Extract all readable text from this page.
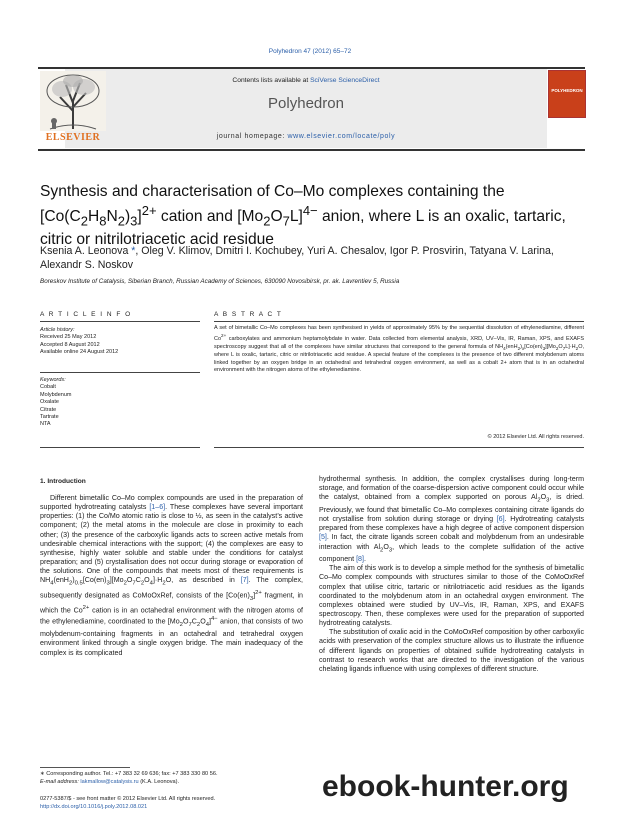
Polyhedron 47 (2012) 65–72
ELSEVIER
Contents lists available at SciVerse ScienceDirect
Polyhedron
journal homepage: www.elsevier.com/locate/poly
POLYHEDRON
Synthesis and characterisation of Co–Mo complexes containing the $[Co(C_2H_8N_2)_3]^{2+}$ cation and $[Mo_2O_7L]^{4-}$ anion, where L is an oxalic, tartaric, citric or nitrilotriacetic acid residue
Ksenia A. Leonova *, Oleg V. Klimov, Dmitri I. Kochubey, Yuri A. Chesalov, Igor P. Prosvirin, Tatyana V. Larina, Alexandr S. Noskov
Boreskov Institute of Catalysis, Siberian Branch, Russian Academy of Sciences, 630090 Novosibirsk, pr. ak. Lavrentiev 5, Russia
A R T I C L E I N F O	A B S T R A C T
Article history:
Received 25 May 2012
Accepted 8 August 2012
Available online 24 August 2012
Keywords:
Cobalt
Molybdenum
Oxalate
Citrate
Tartrate
NTA
A set of bimetallic Co–Mo complexes has been synthesised in yields of approximately 95% by the sequential dissolution of ethylenediamine, different $Co^{2+}$ carboxylates and ammonium heptamolybdate in water. Data collected from elemental analysis, XRD, UV–Vis, IR, Raman, XPS, and EXAFS spectroscopy suggest that all of the complexes have similar structures that correspond to the general formula of $NH_4(enH_2)_x[Co(en)_3][Mo_2O_7L]\cdot H_2O$, where L is oxalic, tartaric, citric or nitrilotriacetic acid residue. A special feature of the complexes is the presence of two different molybdenum atoms linked together by an oxygen bridge in an octahedral and tetrahedral oxygen environment, as well as a cobalt 2+ atom that is in an octahedral environment with the nitrogen atoms of the ethylenediamine.
© 2012 Elsevier Ltd. All rights reserved.
1. Introduction
Different bimetallic Co–Mo complex compounds are used in the preparation of supported hydrotreating catalysts [1–6]. These complexes have several important properties: (1) the Co/Mo atomic ratio is close to ½, as seen in the catalyst’s active component; (2) the metal atoms in the molecule are close in proximity to each other; (3) the presence of the carboxylic ligands acts to screen active metals from undesirable chemical interactions with the support; (4) the complexes are easy to synthesise, highly water soluble and stable under the conditions for catalyst preparation; and (5) crystallisation does not occur during storage or evaporation of the solutions. One of the compounds that meets most of these requirements is $NH_4(enH_2)_{0.5}[Co(en)_3][Mo_2O_7C_2O_4]\cdot H_2O$, as described in [7]. The complex, subsequently designated as CoMoOxRef, consists of the $[Co(en)_3]^{2+}$ fragment, in which the $Co^{2+}$ cation is in an octahedral environment with the nitrogen atoms of the ethylenediamine, coordinated to the $[Mo_2O_7C_2O_4]^{4-}$ anion, that consists of two molybdenum-containing fragments in an octahedral and tetrahedral oxygen environment linked through a single oxygen bridge. The main inadequacy of the complex is its complicated

hydrothermal synthesis. In addition, the complex crystallises during long-term storage, and formation of the coarse-dispersion active component could occur while the catalyst, obtained from a complex supported on porous $Al_2O_3$, is dried. Previously, we found that bimetallic Co–Mo complexes containing citrate ligands do not crystallise from solution during storage or drying [6]. Hydrotreating catalysts prepared from these complexes have a high degree of active component dispersion [5]. In fact, the citrate ligands screen cobalt and molybdenum from an undesirable interaction with $Al_2O_3$, which leads to the complete sulfidation of the active component [8].

The aim of this work is to develop a simple method for the synthesis of bimetallic Co–Mo complex compounds with structures similar to those of the CoMoOxRef complex that utilise citric, tartaric or nitrilotriacetic acid residues as the ligands coordinated to the molybdenum atom in an octahedral oxygen environment. The complexes obtained were studied by UV–Vis, IR, Raman, XPS, and EXAFS spectroscopy. Then, these complexes were used for the preparation of supported hydrotreating catalysts.

The substitution of oxalic acid in the CoMoOxRef composition by other carboxylic acids with preservation of the complex structure allows us to illustrate the influence of different ligands on properties of obtained sulfide hydrotreating catalysts in contrast to research works that are directed to the investigation of the various chelating ligands influence with using complexes of different structure.

∗ Corresponding author. Tel.: +7 383 32 69 636; fax: +7 383 330 80 56.
E-mail address: lakmallow@catalysis.ru (K.A. Leonova).
0277-5387/$ - see front matter © 2012 Elsevier Ltd. All rights reserved.
http://dx.doi.org/10.1016/j.poly.2012.08.021
ebook-hunter.org
